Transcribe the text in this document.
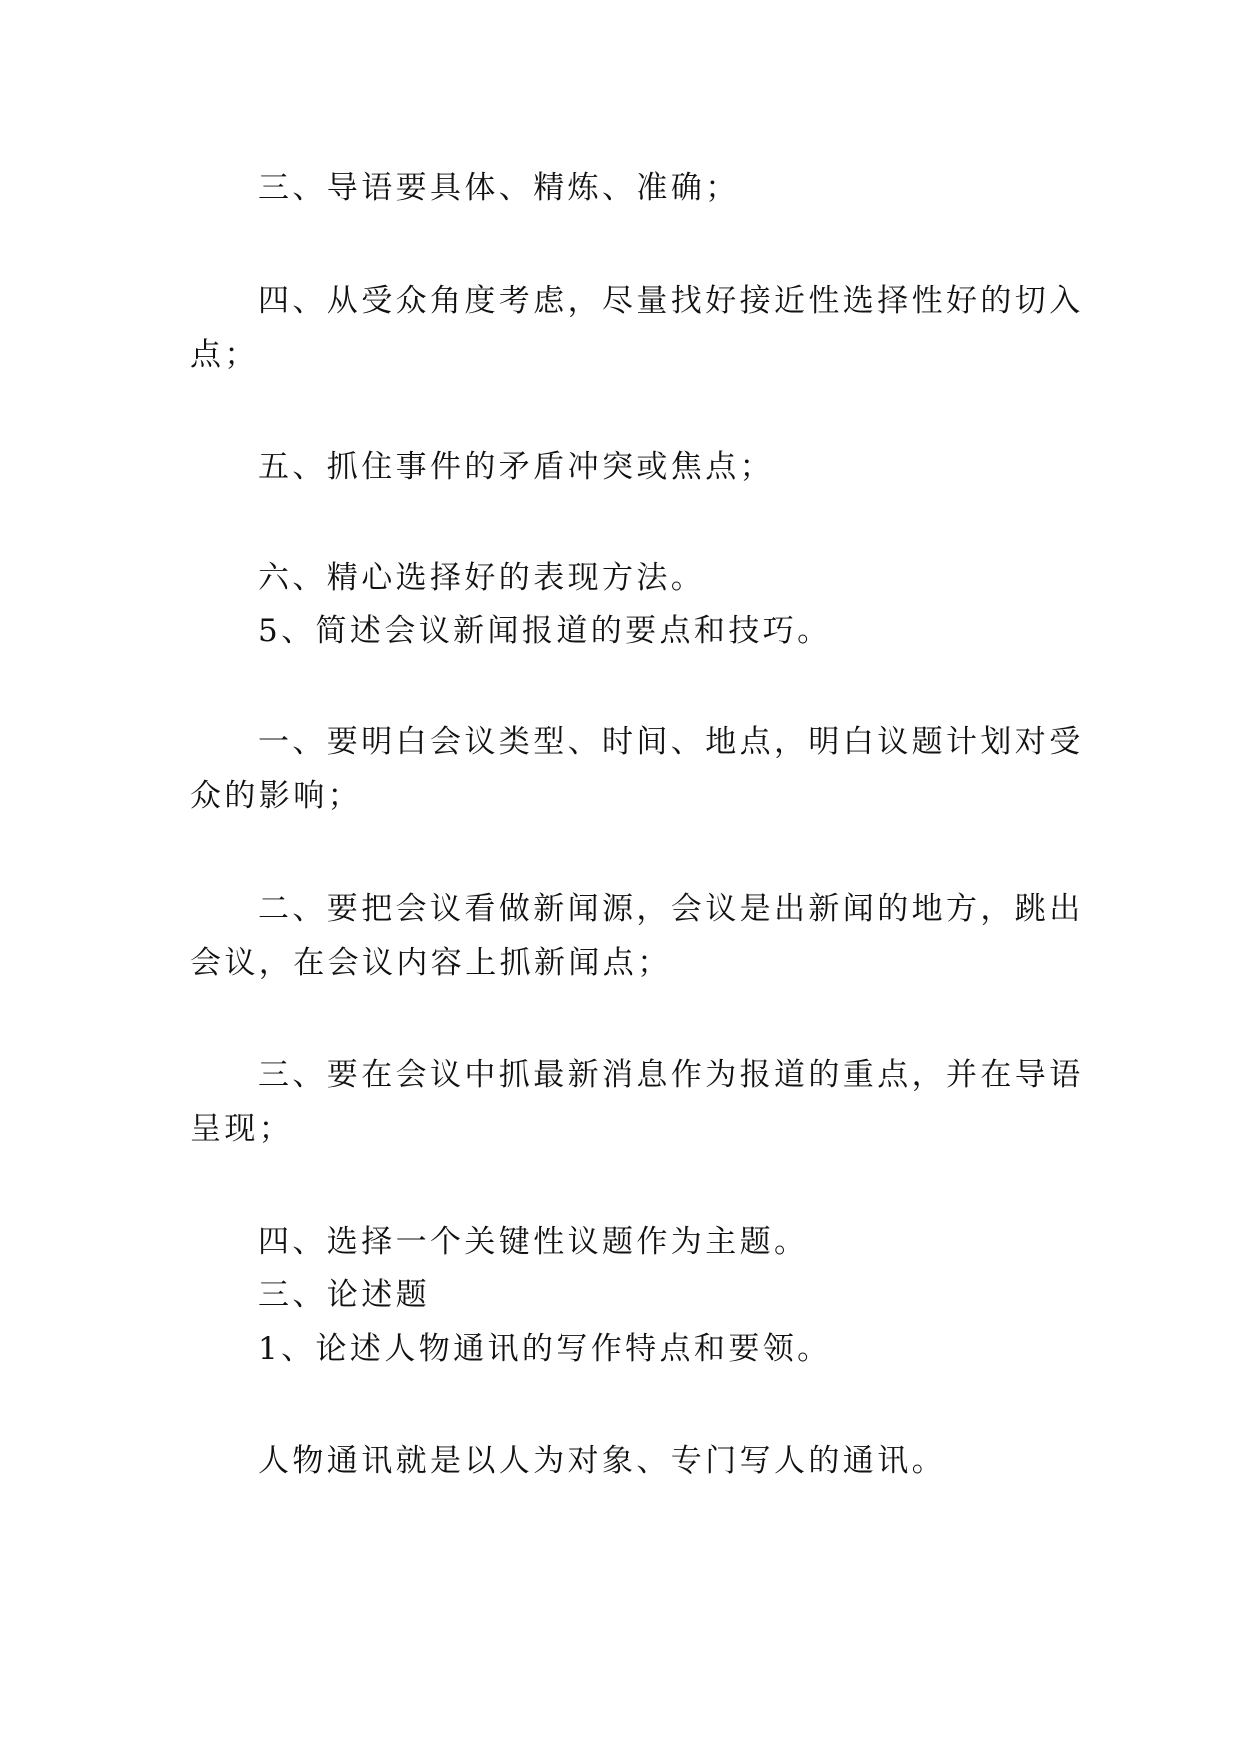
三、导语要具体、精炼、准确；

四、从受众角度考虑，尽量找好接近性选择性好的切入

点；

五、抓住事件的矛盾冲突或焦点；

六、精心选择好的表现方法。

5、简述会议新闻报道的要点和技巧。

一、要明白会议类型、时间、地点，明白议题计划对受

众的影响；

二、要把会议看做新闻源，会议是出新闻的地方，跳出

会议，在会议内容上抓新闻点；

三、要在会议中抓最新消息作为报道的重点，并在导语

呈现；

四、选择一个关键性议题作为主题。

三、论述题

1、论述人物通讯的写作特点和要领。

人物通讯就是以人为对象、专门写人的通讯。
